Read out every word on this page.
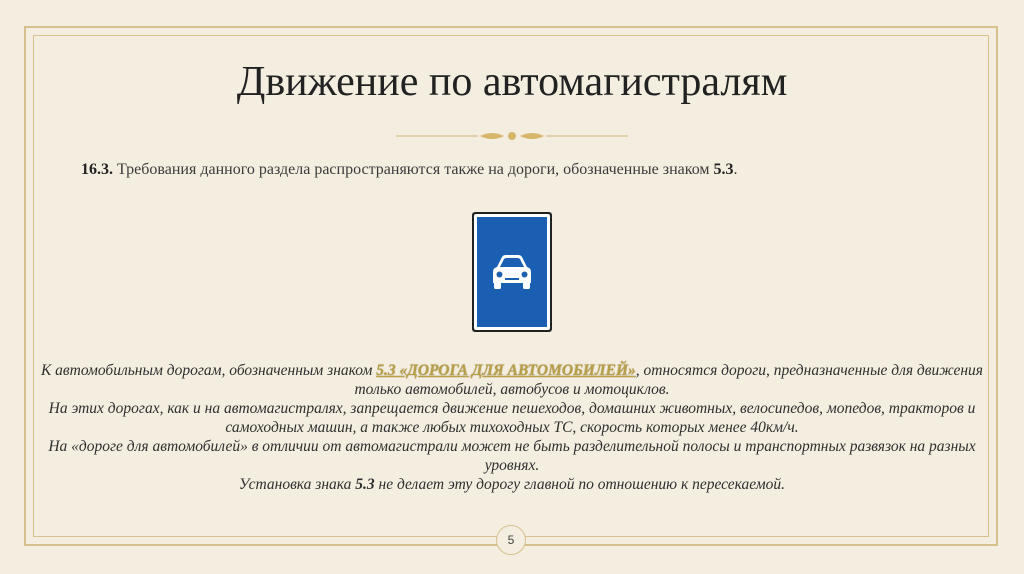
Движение по автомагистралям
16.3. Требования данного раздела распространяются также на дороги, обозначенные знаком 5.3.

К автомобильным дорогам, обозначенным знаком 5.3 «ДОРОГА ДЛЯ АВТОМОБИЛЕЙ», относятся дороги, предназначенные для движения только автомобилей, автобусов и мотоциклов.

На этих дорогах, как и на автомагистралях, запрещается движение пешеходов, домашних животных, велосипедов, мопедов, тракторов и самоходных машин, а также любых тихоходных ТС, скорость которых менее 40км/ч.

На «дороге для автомобилей» в отличии от автомагистрали может не быть разделительной полосы и транспортных развязок на разных уровнях.

Установка знака 5.3 не делает эту дорогу главной по отношению к пересекаемой.

5
